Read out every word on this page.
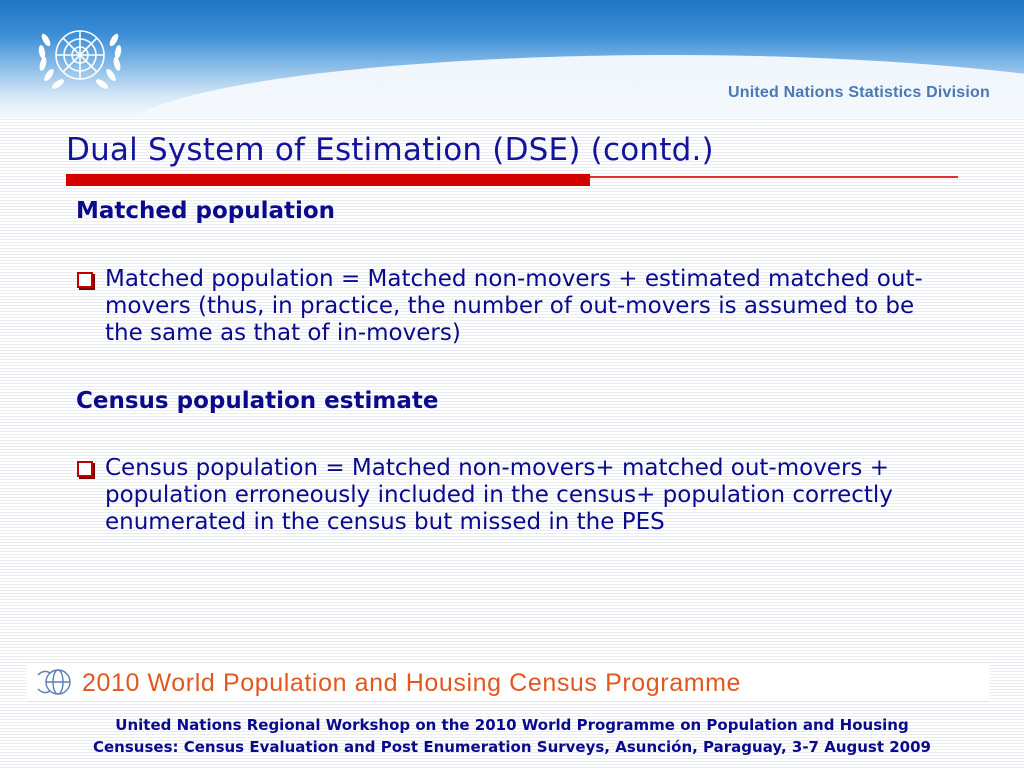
United Nations Statistics Division
Dual System of Estimation (DSE) (contd.)
Matched population
Matched population = Matched non-movers + estimated matched out-movers (thus, in practice, the number of out-movers is assumed to be the same as that of in-movers)
Census population estimate
Census population = Matched non-movers+ matched out-movers + population erroneously included in the census+ population correctly enumerated in the census but missed in the PES
2010 World Population and Housing Census Programme

United Nations Regional Workshop on the 2010 World Programme on Population and Housing
Censuses: Census Evaluation and Post Enumeration Surveys, Asunción, Paraguay, 3-7 August 2009
